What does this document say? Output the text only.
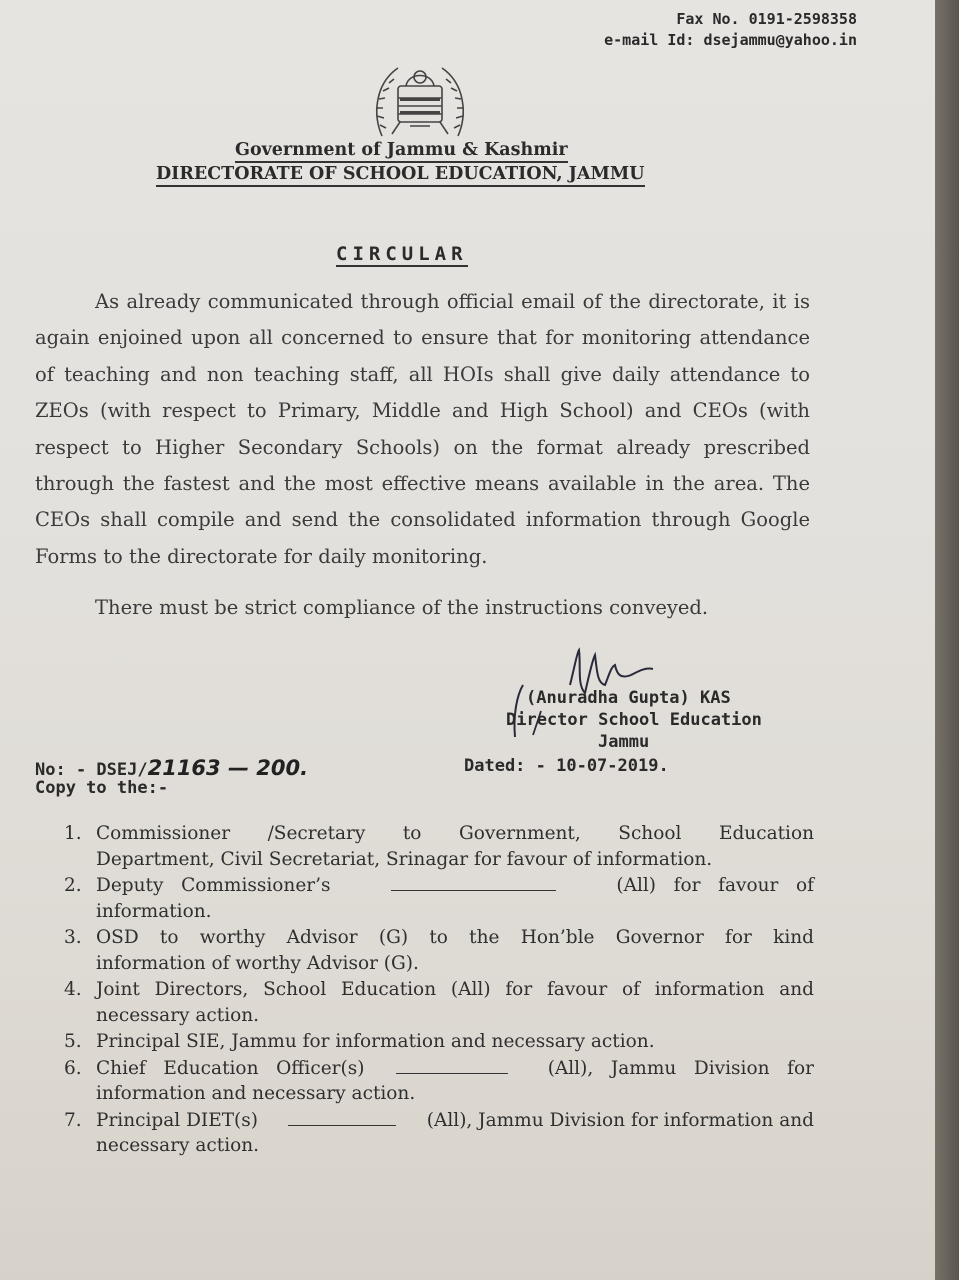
Fax No. 0191-2598358
e-mail Id: dsejammu@yahoo.in
Government of Jammu & Kashmir
DIRECTORATE OF SCHOOL EDUCATION, JAMMU
CIRCULAR
As already communicated through official email of the directorate, it is
again enjoined upon all concerned to ensure that for monitoring attendance
of teaching and non teaching staff, all HOIs shall give daily attendance to
ZEOs (with respect to Primary, Middle and High School) and CEOs (with
respect to Higher Secondary Schools) on the format already prescribed
through the fastest and the most effective means available in the area. The
CEOs shall compile and send the consolidated information through Google
Forms to the directorate for daily monitoring.
There must be strict compliance of the instructions conveyed.
(Anuradha Gupta) KAS
Director School Education
Jammu
No: - DSEJ/21163 — 200.	Dated: - 10-07-2019.
Copy to the:-
1. Commissioner /Secretary to Government, School Education
Department, Civil Secretariat, Srinagar for favour of information.
2. Deputy   Commissioner’s	(All)   for   favour   of
information.
3. OSD  to  worthy  Advisor  (G)  to  the  Hon’ble  Governor  for  kind
information of worthy Advisor (G).
4. Joint Directors, School Education (All) for favour of information and
necessary action.
5. Principal SIE, Jammu for information and necessary action.
6. Chief   Education   Officer(s)	(All),   Jammu   Division   for
information and necessary action.
7. Principal DIET(s)	(All), Jammu Division for information and
necessary action.
